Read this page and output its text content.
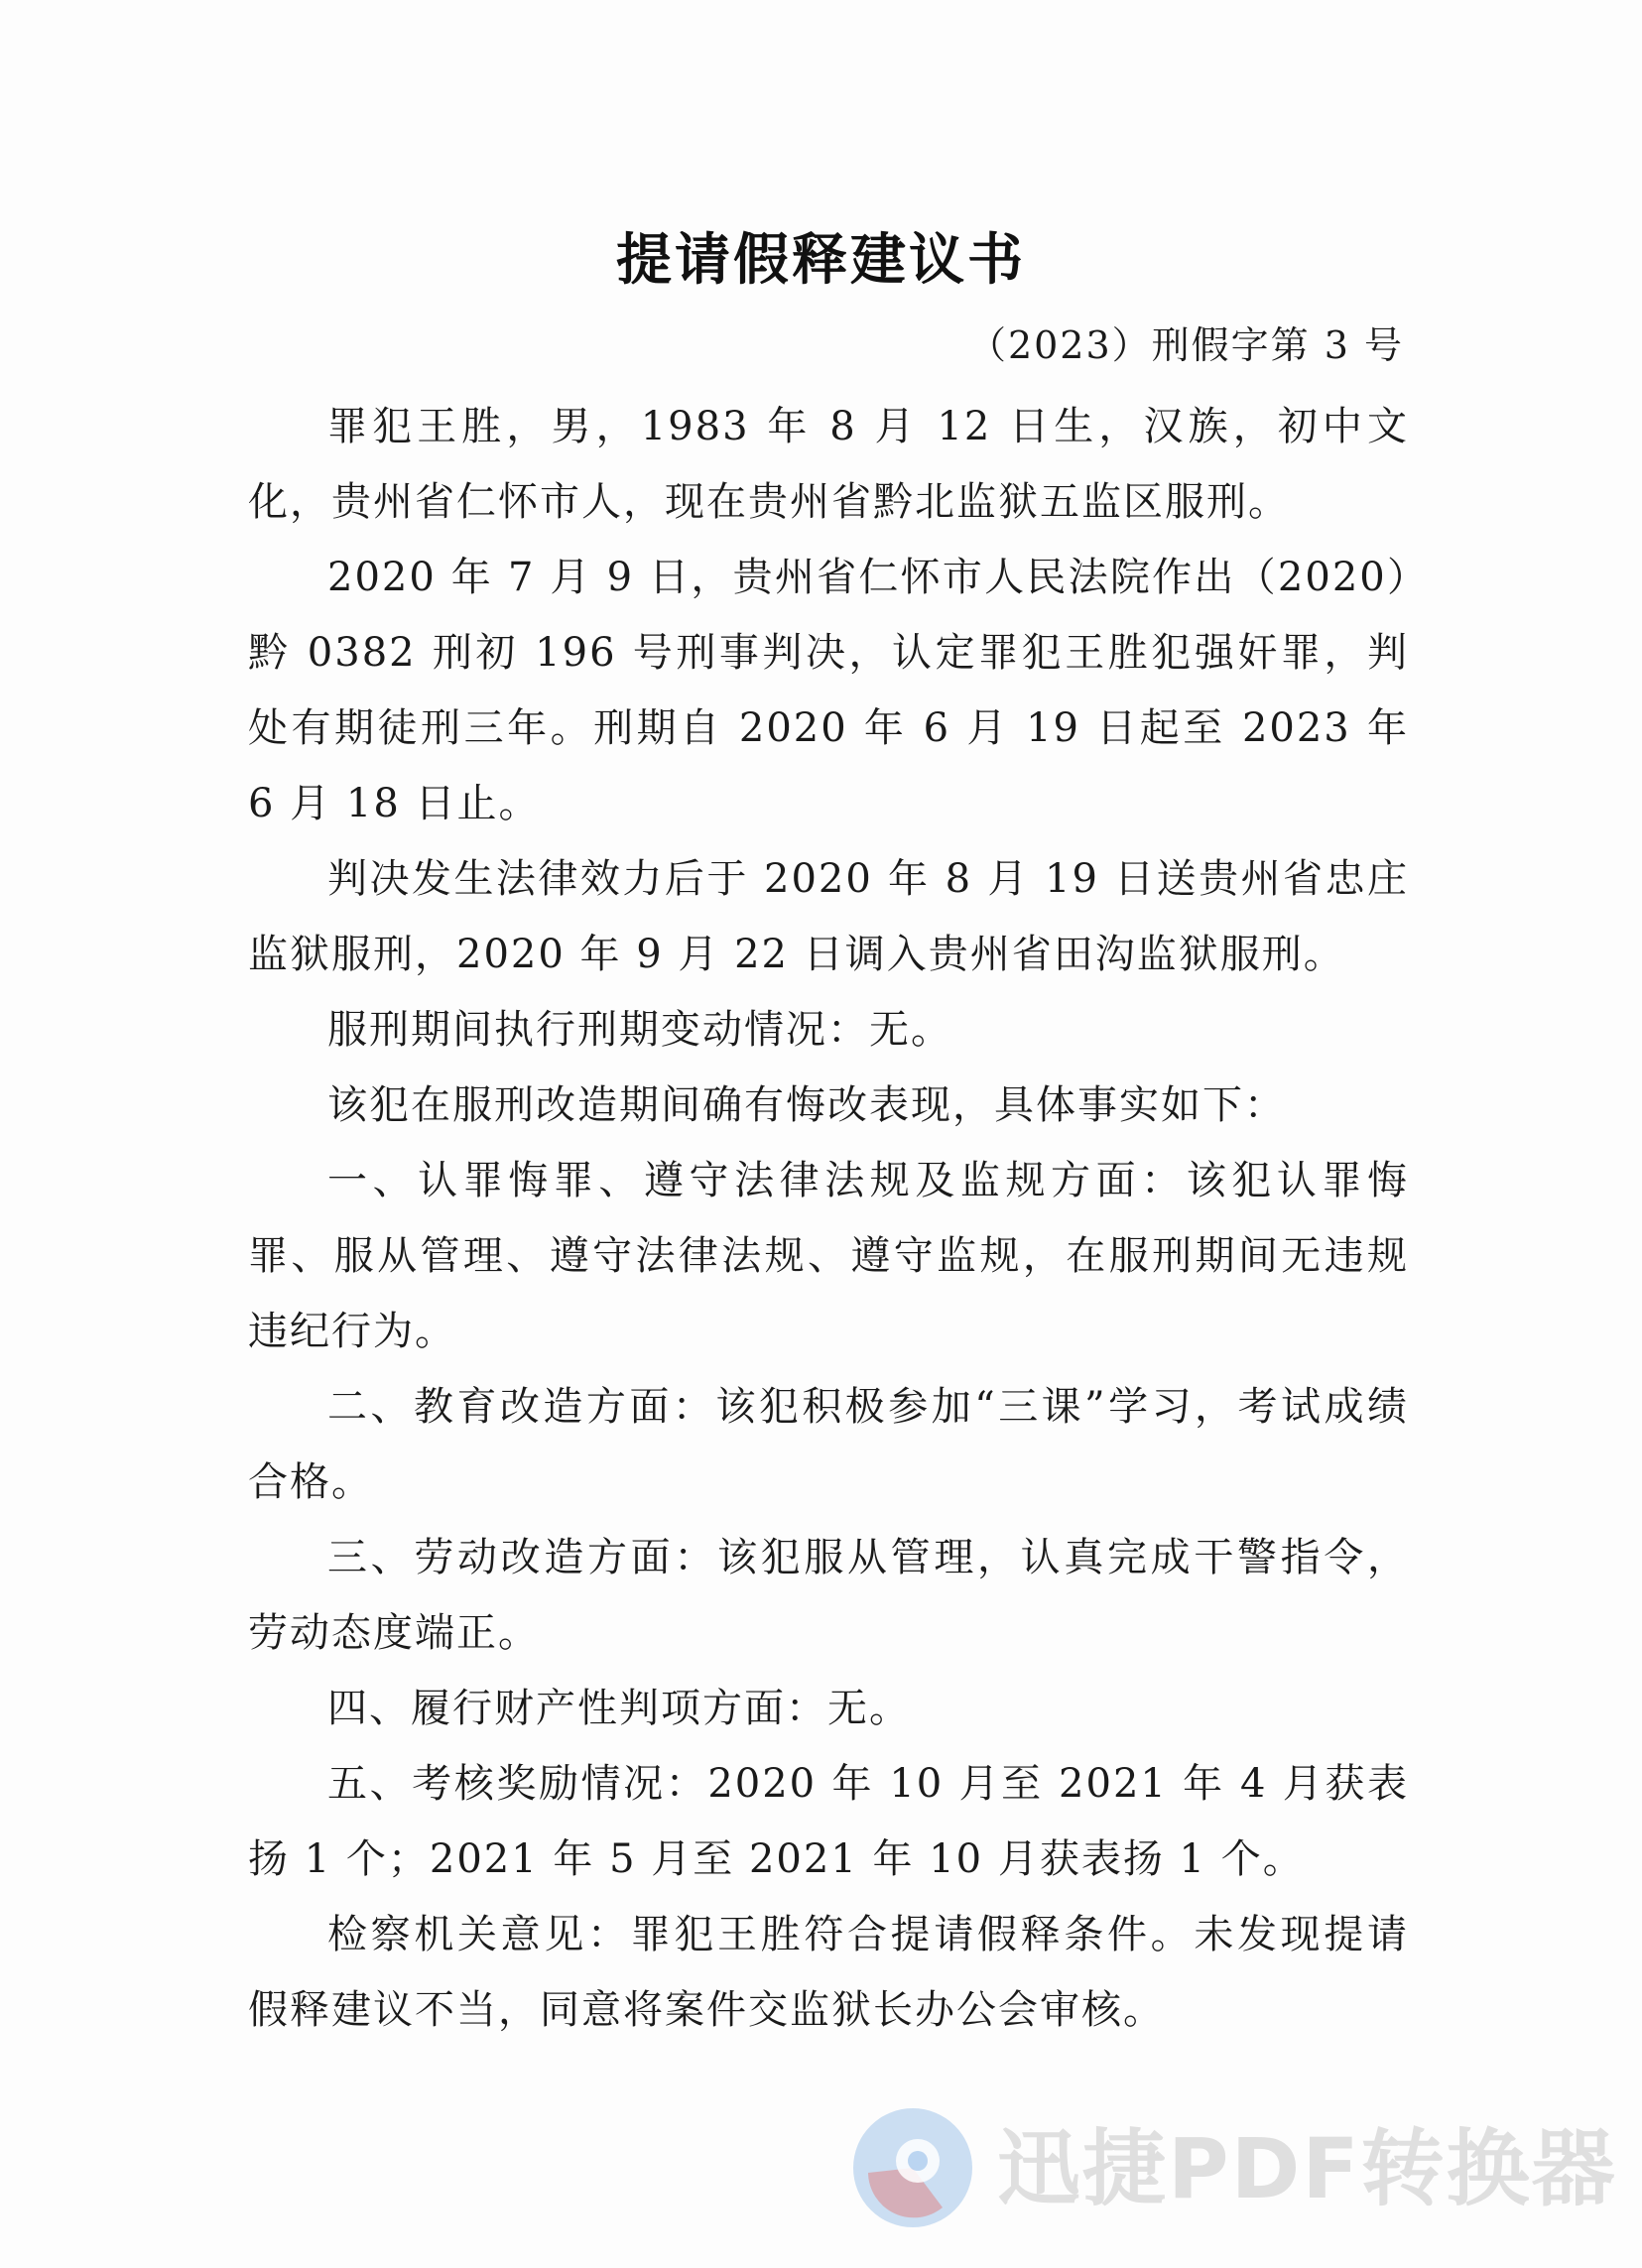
提请假释建议书
（2023）刑假字第 3 号

罪犯王胜，男，1983 年 8 月 12 日生，汉族，初中文化，贵州省仁怀市人，现在贵州省黔北监狱五监区服刑。

2020 年 7 月 9 日，贵州省仁怀市人民法院作出（2020）黔 0382 刑初 196 号刑事判决，认定罪犯王胜犯强奸罪，判处有期徒刑三年。刑期自 2020 年 6 月 19 日起至 2023 年 6 月 18 日止。

判决发生法律效力后于 2020 年 8 月 19 日送贵州省忠庄监狱服刑，2020 年 9 月 22 日调入贵州省田沟监狱服刑。

服刑期间执行刑期变动情况：无。

该犯在服刑改造期间确有悔改表现，具体事实如下：

一、认罪悔罪、遵守法律法规及监规方面：该犯认罪悔罪、服从管理、遵守法律法规、遵守监规，在服刑期间无违规违纪行为。

二、教育改造方面：该犯积极参加“三课”学习，考试成绩合格。

三、劳动改造方面：该犯服从管理，认真完成干警指令，劳动态度端正。

四、履行财产性判项方面：无。

五、考核奖励情况：2020 年 10 月至 2021 年 4 月获表扬 1 个；2021 年 5 月至 2021 年 10 月获表扬 1 个。

检察机关意见：罪犯王胜符合提请假释条件。未发现提请假释建议不当，同意将案件交监狱长办公会审核。

迅捷PDF转换器
